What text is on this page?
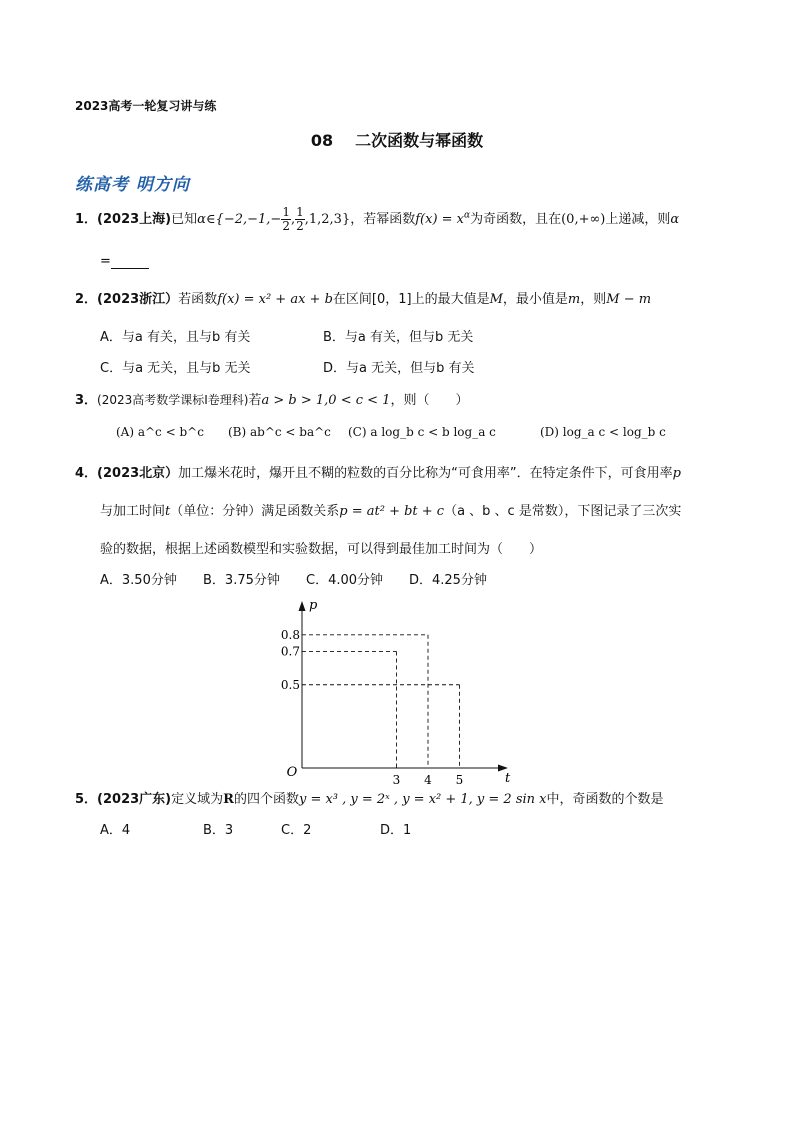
2023高考一轮复习讲与练
08 二次函数与幂函数
练高考 明方向
1．(2023上海)已知α∈{−2,−1,− $\frac{1}{2}$ , $\frac{1}{2} ,1,2,3$}，若幂函数$f(x) = x^\alpha$为奇函数，且在(0,+∞)上递减，则α
=
2．(2023浙江）若函数f(x) = x² + ax + b在区间[0，1]上的最大值是M，最小值是m，则M − m
A．与a 有关，且与b 有关	B．与a 有关，但与b 无关
C．与a 无关，且与b 无关	D．与a 无关，但与b 有关
3．(2023高考数学课标Ⅰ卷理科)若a > b > 1,0 < c < 1，则（　　）
(A) a^c < b^c (B) ab^c < ba^c (C) a log_b c < b log_a c	(D) log_a c < log_b c
4．(2023北京）加工爆米花时，爆开且不糊的粒数的百分比称为“可食用率”．在特定条件下，可食用率p
与加工时间t（单位：分钟）满足函数关系p = at² + bt + c（a 、b 、c 是常数），下图记录了三次实
验的数据，根据上述函数模型和实验数据，可以得到最佳加工时间为（　　）
A．3.50分钟 B．3.75分钟 C．4.00分钟 D．4.25分钟
t
p
O	3 4 5
0.8
0.7
0.5
5．(2023广东)定义域为R的四个函数y = x³ , y = 2ˣ , y = x² + 1, y = 2 sin x中，奇函数的个数是
A．4	B．3	C．2	D．1
